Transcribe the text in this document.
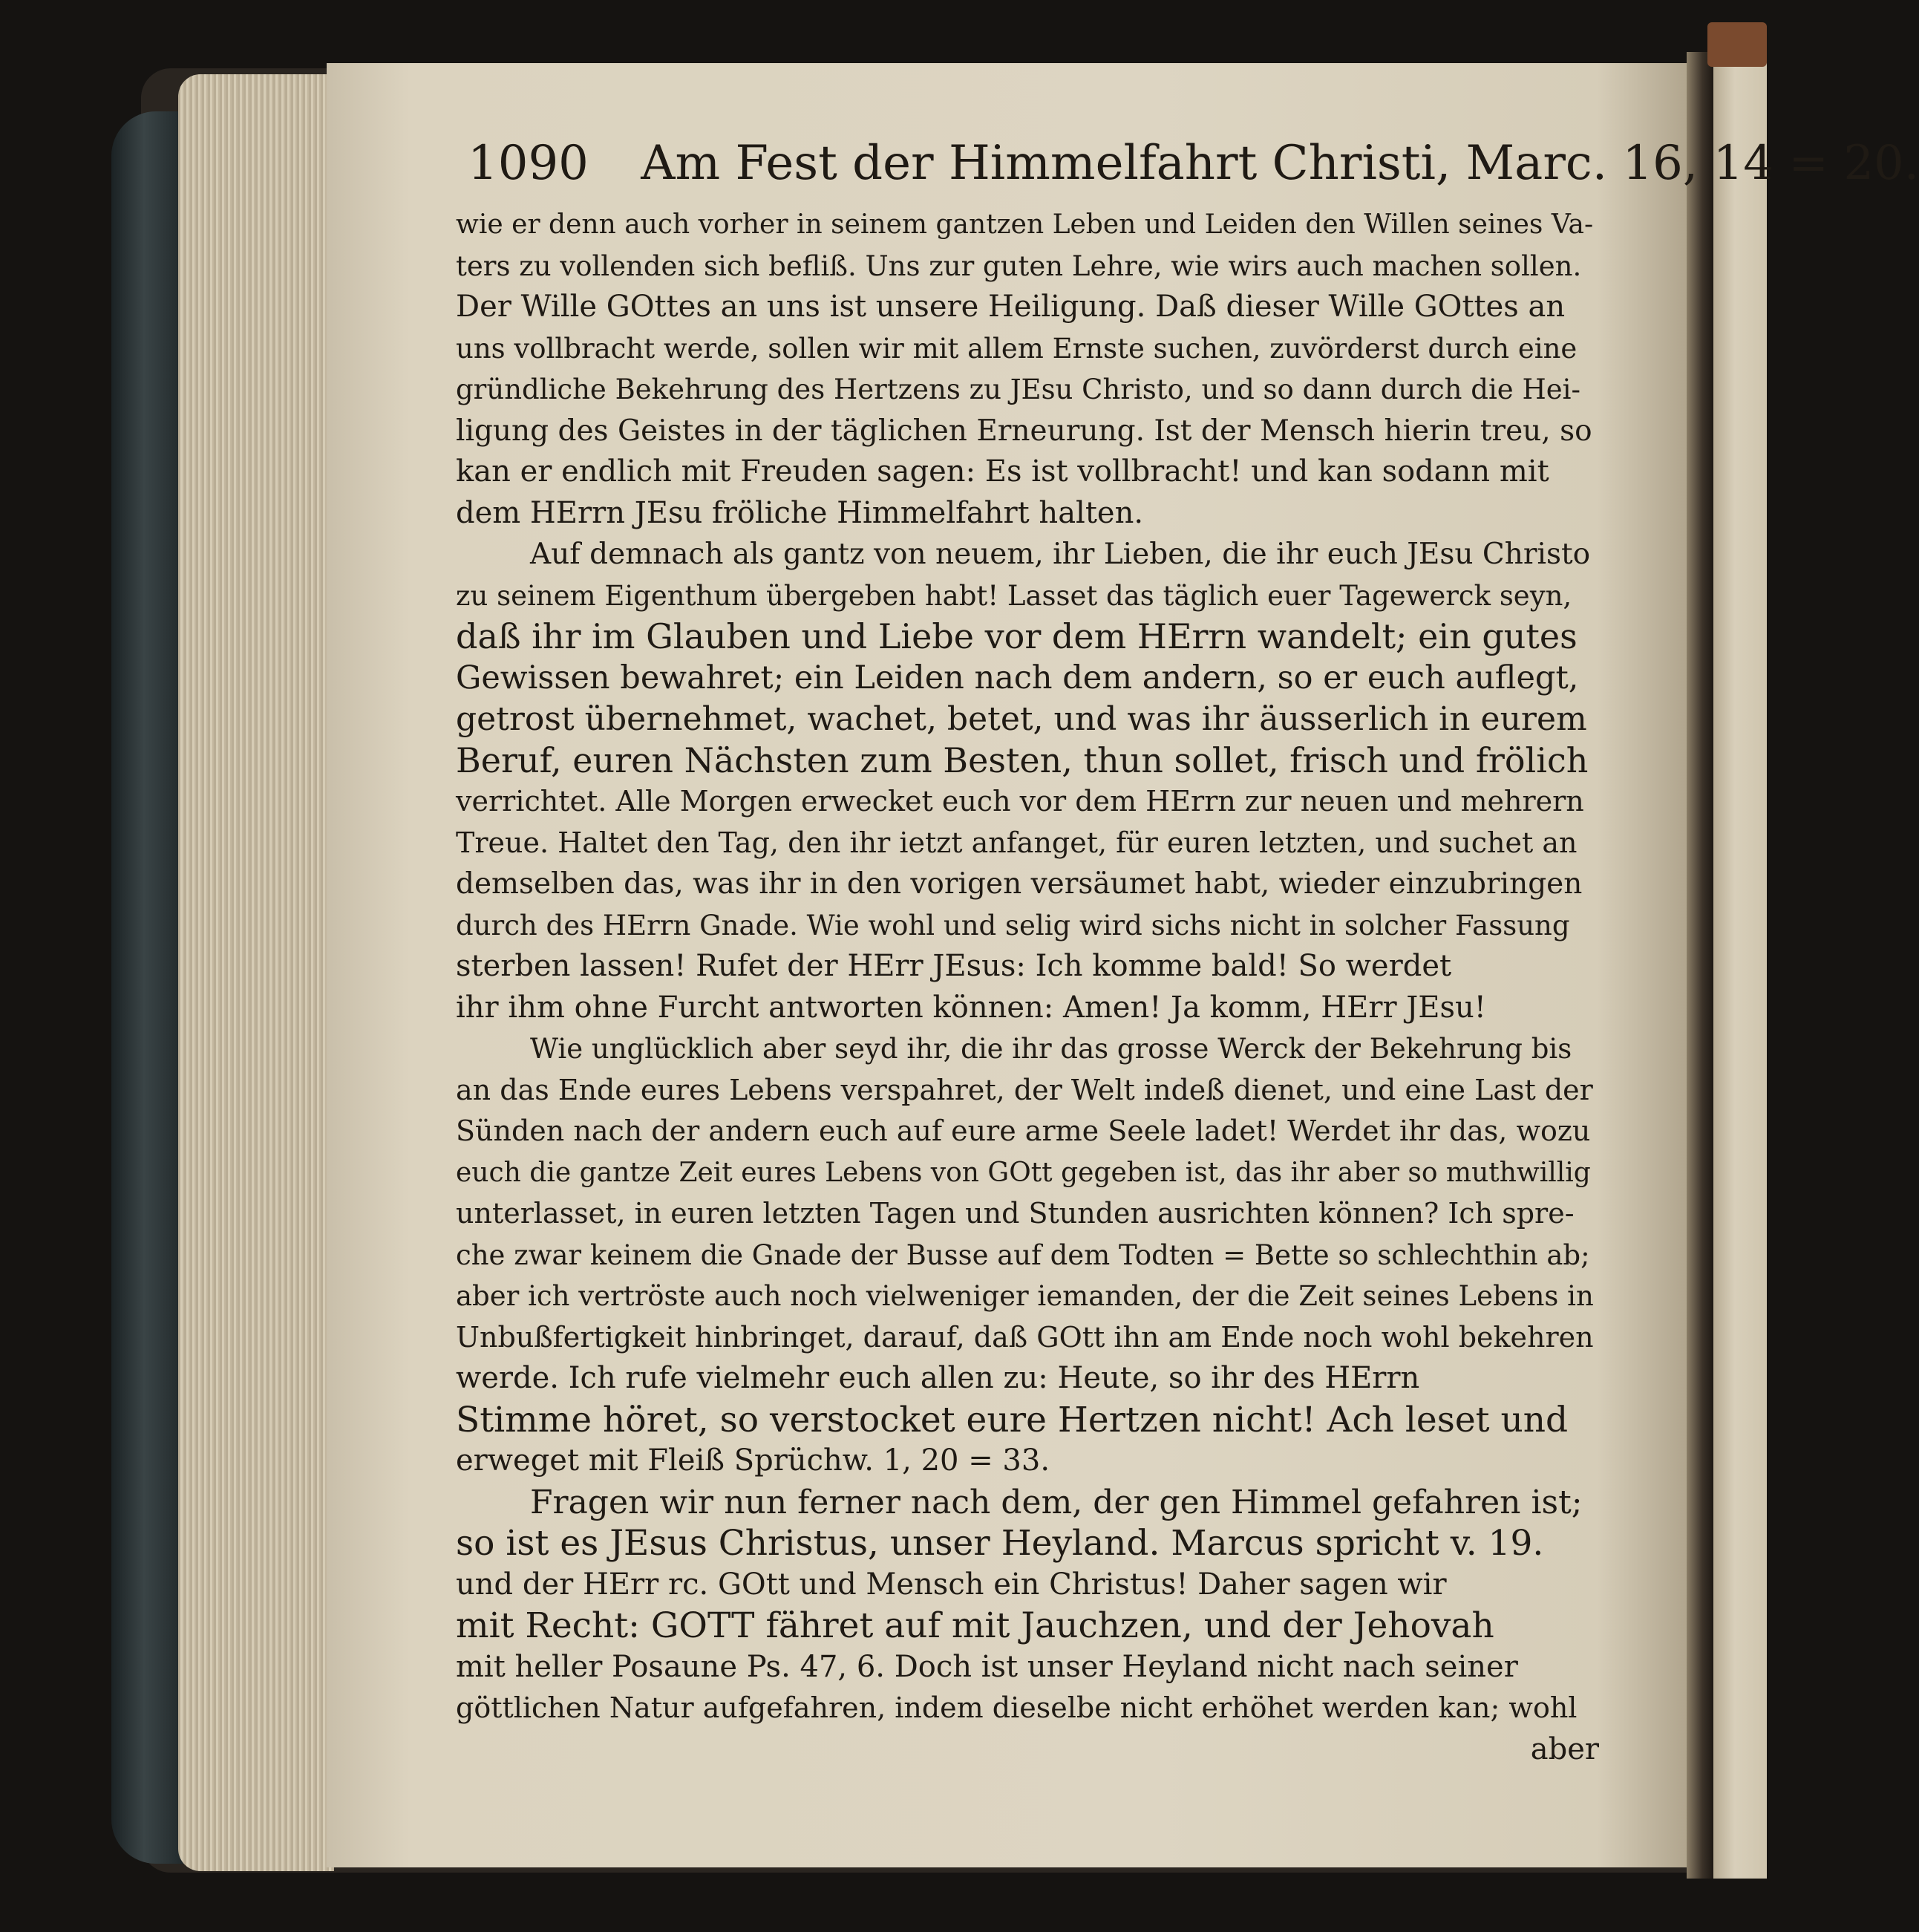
1090 Am Fest der Himmelfahrt Christi, Marc. 16, 14 = 20.
wie er denn auch vorher in seinem gantzen Leben und Leiden den Willen seines Va-
ters zu vollenden sich befliß. Uns zur guten Lehre, wie wirs auch machen sollen.
Der Wille GOttes an uns ist unsere Heiligung. Daß dieser Wille GOttes an
uns vollbracht werde, sollen wir mit allem Ernste suchen, zuvörderst durch eine
gründliche Bekehrung des Hertzens zu JEsu Christo, und so dann durch die Hei-
ligung des Geistes in der täglichen Erneurung. Ist der Mensch hierin treu, so
kan er endlich mit Freuden sagen: Es ist vollbracht! und kan sodann mit
dem HErrn JEsu fröliche Himmelfahrt halten.
Auf demnach als gantz von neuem, ihr Lieben, die ihr euch JEsu Christo
zu seinem Eigenthum übergeben habt! Lasset das täglich euer Tagewerck seyn,
daß ihr im Glauben und Liebe vor dem HErrn wandelt; ein gutes
Gewissen bewahret; ein Leiden nach dem andern, so er euch auflegt,
getrost übernehmet, wachet, betet, und was ihr äusserlich in eurem
Beruf, euren Nächsten zum Besten, thun sollet, frisch und frölich
verrichtet. Alle Morgen erwecket euch vor dem HErrn zur neuen und mehrern
Treue. Haltet den Tag, den ihr ietzt anfanget, für euren letzten, und suchet an
demselben das, was ihr in den vorigen versäumet habt, wieder einzubringen
durch des HErrn Gnade. Wie wohl und selig wird sichs nicht in solcher Fassung
sterben lassen! Rufet der HErr JEsus: Ich komme bald! So werdet
ihr ihm ohne Furcht antworten können: Amen! Ja komm, HErr JEsu!
Wie unglücklich aber seyd ihr, die ihr das grosse Werck der Bekehrung bis
an das Ende eures Lebens verspahret, der Welt indeß dienet, und eine Last der
Sünden nach der andern euch auf eure arme Seele ladet! Werdet ihr das, wozu
euch die gantze Zeit eures Lebens von GOtt gegeben ist, das ihr aber so muthwillig
unterlasset, in euren letzten Tagen und Stunden ausrichten können? Ich spre-
che zwar keinem die Gnade der Busse auf dem Todten = Bette so schlechthin ab;
aber ich vertröste auch noch vielweniger iemanden, der die Zeit seines Lebens in
Unbußfertigkeit hinbringet, darauf, daß GOtt ihn am Ende noch wohl bekehren
werde. Ich rufe vielmehr euch allen zu: Heute, so ihr des HErrn
Stimme höret, so verstocket eure Hertzen nicht! Ach leset und
erweget mit Fleiß Sprüchw. 1, 20 = 33.
Fragen wir nun ferner nach dem, der gen Himmel gefahren ist;
so ist es JEsus Christus, unser Heyland. Marcus spricht v. 19.
und der HErr rc. GOtt und Mensch ein Christus! Daher sagen wir
mit Recht: GOTT fähret auf mit Jauchzen, und der Jehovah
mit heller Posaune Ps. 47, 6. Doch ist unser Heyland nicht nach seiner
göttlichen Natur aufgefahren, indem dieselbe nicht erhöhet werden kan; wohl
aber
